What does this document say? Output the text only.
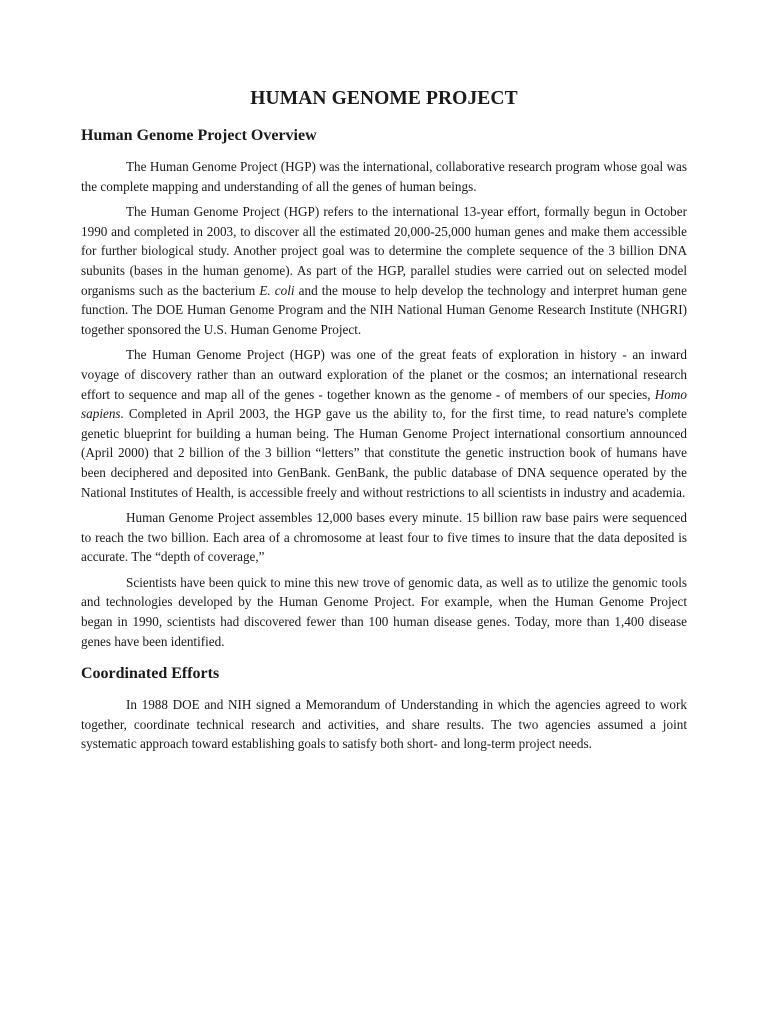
HUMAN GENOME PROJECT
Human Genome Project Overview

The Human Genome Project (HGP) was the international, collaborative research program whose goal was the complete mapping and understanding of all the genes of human beings.

The Human Genome Project (HGP) refers to the international 13-year effort, formally begun in October 1990 and completed in 2003, to discover all the estimated 20,000-25,000 human genes and make them accessible for further biological study. Another project goal was to determine the complete sequence of the 3 billion DNA subunits (bases in the human genome). As part of the HGP, parallel studies were carried out on selected model organisms such as the bacterium E. coli and the mouse to help develop the technology and interpret human gene function. The DOE Human Genome Program and the NIH National Human Genome Research Institute (NHGRI) together sponsored the U.S. Human Genome Project.

The Human Genome Project (HGP) was one of the great feats of exploration in history - an inward voyage of discovery rather than an outward exploration of the planet or the cosmos; an international research effort to sequence and map all of the genes - together known as the genome - of members of our species, Homo sapiens. Completed in April 2003, the HGP gave us the ability to, for the first time, to read nature's complete genetic blueprint for building a human being. The Human Genome Project international consortium announced (April 2000) that 2 billion of the 3 billion “letters” that constitute the genetic instruction book of humans have been deciphered and deposited into GenBank. GenBank, the public database of DNA sequence operated by the National Institutes of Health, is accessible freely and without restrictions to all scientists in industry and academia.

Human Genome Project assembles 12,000 bases every minute. 15 billion raw base pairs were sequenced to reach the two billion. Each area of a chromosome at least four to five times to insure that the data deposited is accurate. The “depth of coverage,”

Scientists have been quick to mine this new trove of genomic data, as well as to utilize the genomic tools and technologies developed by the Human Genome Project. For example, when the Human Genome Project began in 1990, scientists had discovered fewer than 100 human disease genes. Today, more than 1,400 disease genes have been identified.

Coordinated Efforts

In 1988 DOE and NIH signed a Memorandum of Understanding in which the agencies agreed to work together, coordinate technical research and activities, and share results. The two agencies assumed a joint systematic approach toward establishing goals to satisfy both short- and long-term project needs.
